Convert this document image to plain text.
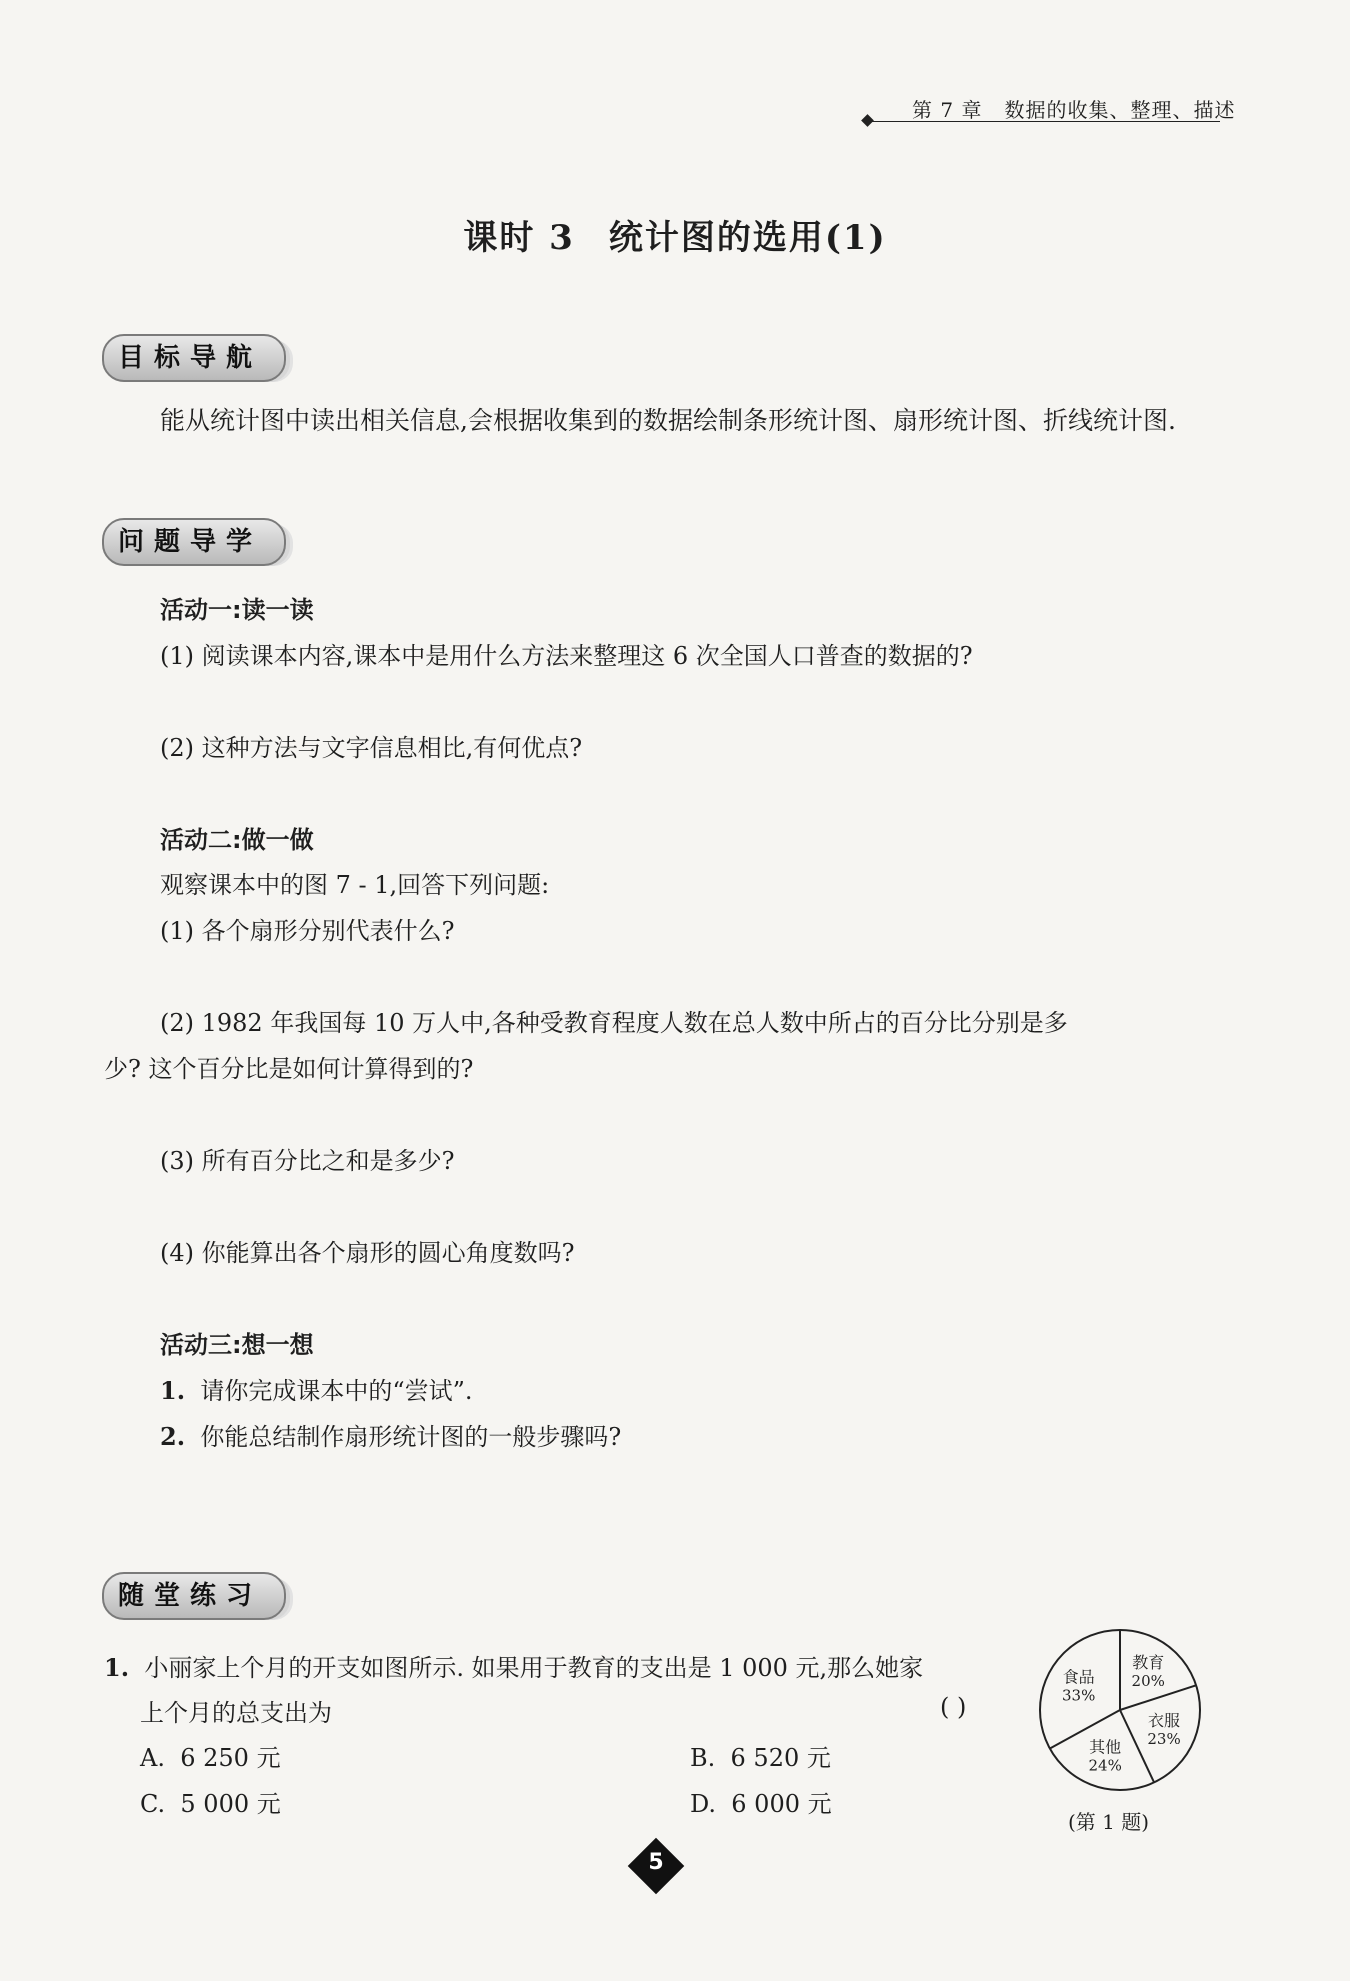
第 7 章 数据的收集、整理、描述
课时 3 统计图的选用(1)
目标导航
能从统计图中读出相关信息,会根据收集到的数据绘制条形统计图、扇形统计图、折线统计图.
问题导学
活动一:读一读
(1) 阅读课本内容,课本中是用什么方法来整理这 6 次全国人口普查的数据的?
(2) 这种方法与文字信息相比,有何优点?
活动二:做一做
观察课本中的图 7 - 1,回答下列问题:
(1) 各个扇形分别代表什么?
(2) 1982 年我国每 10 万人中,各种受教育程度人数在总人数中所占的百分比分别是多
少? 这个百分比是如何计算得到的?
(3) 所有百分比之和是多少?
(4) 你能算出各个扇形的圆心角度数吗?
活动三:想一想
1. 请你完成课本中的“尝试”.
2. 你能总结制作扇形统计图的一般步骤吗?
随堂练习
1. 小丽家上个月的开支如图所示. 如果用于教育的支出是 1 000 元,那么她家
上个月的总支出为	( )
A. 6 250 元	B. 6 520 元
C. 5 000 元	D. 6 000 元
教育
20%
衣服
23%
其他
24%
食品
33%
(第 1 题)
5
